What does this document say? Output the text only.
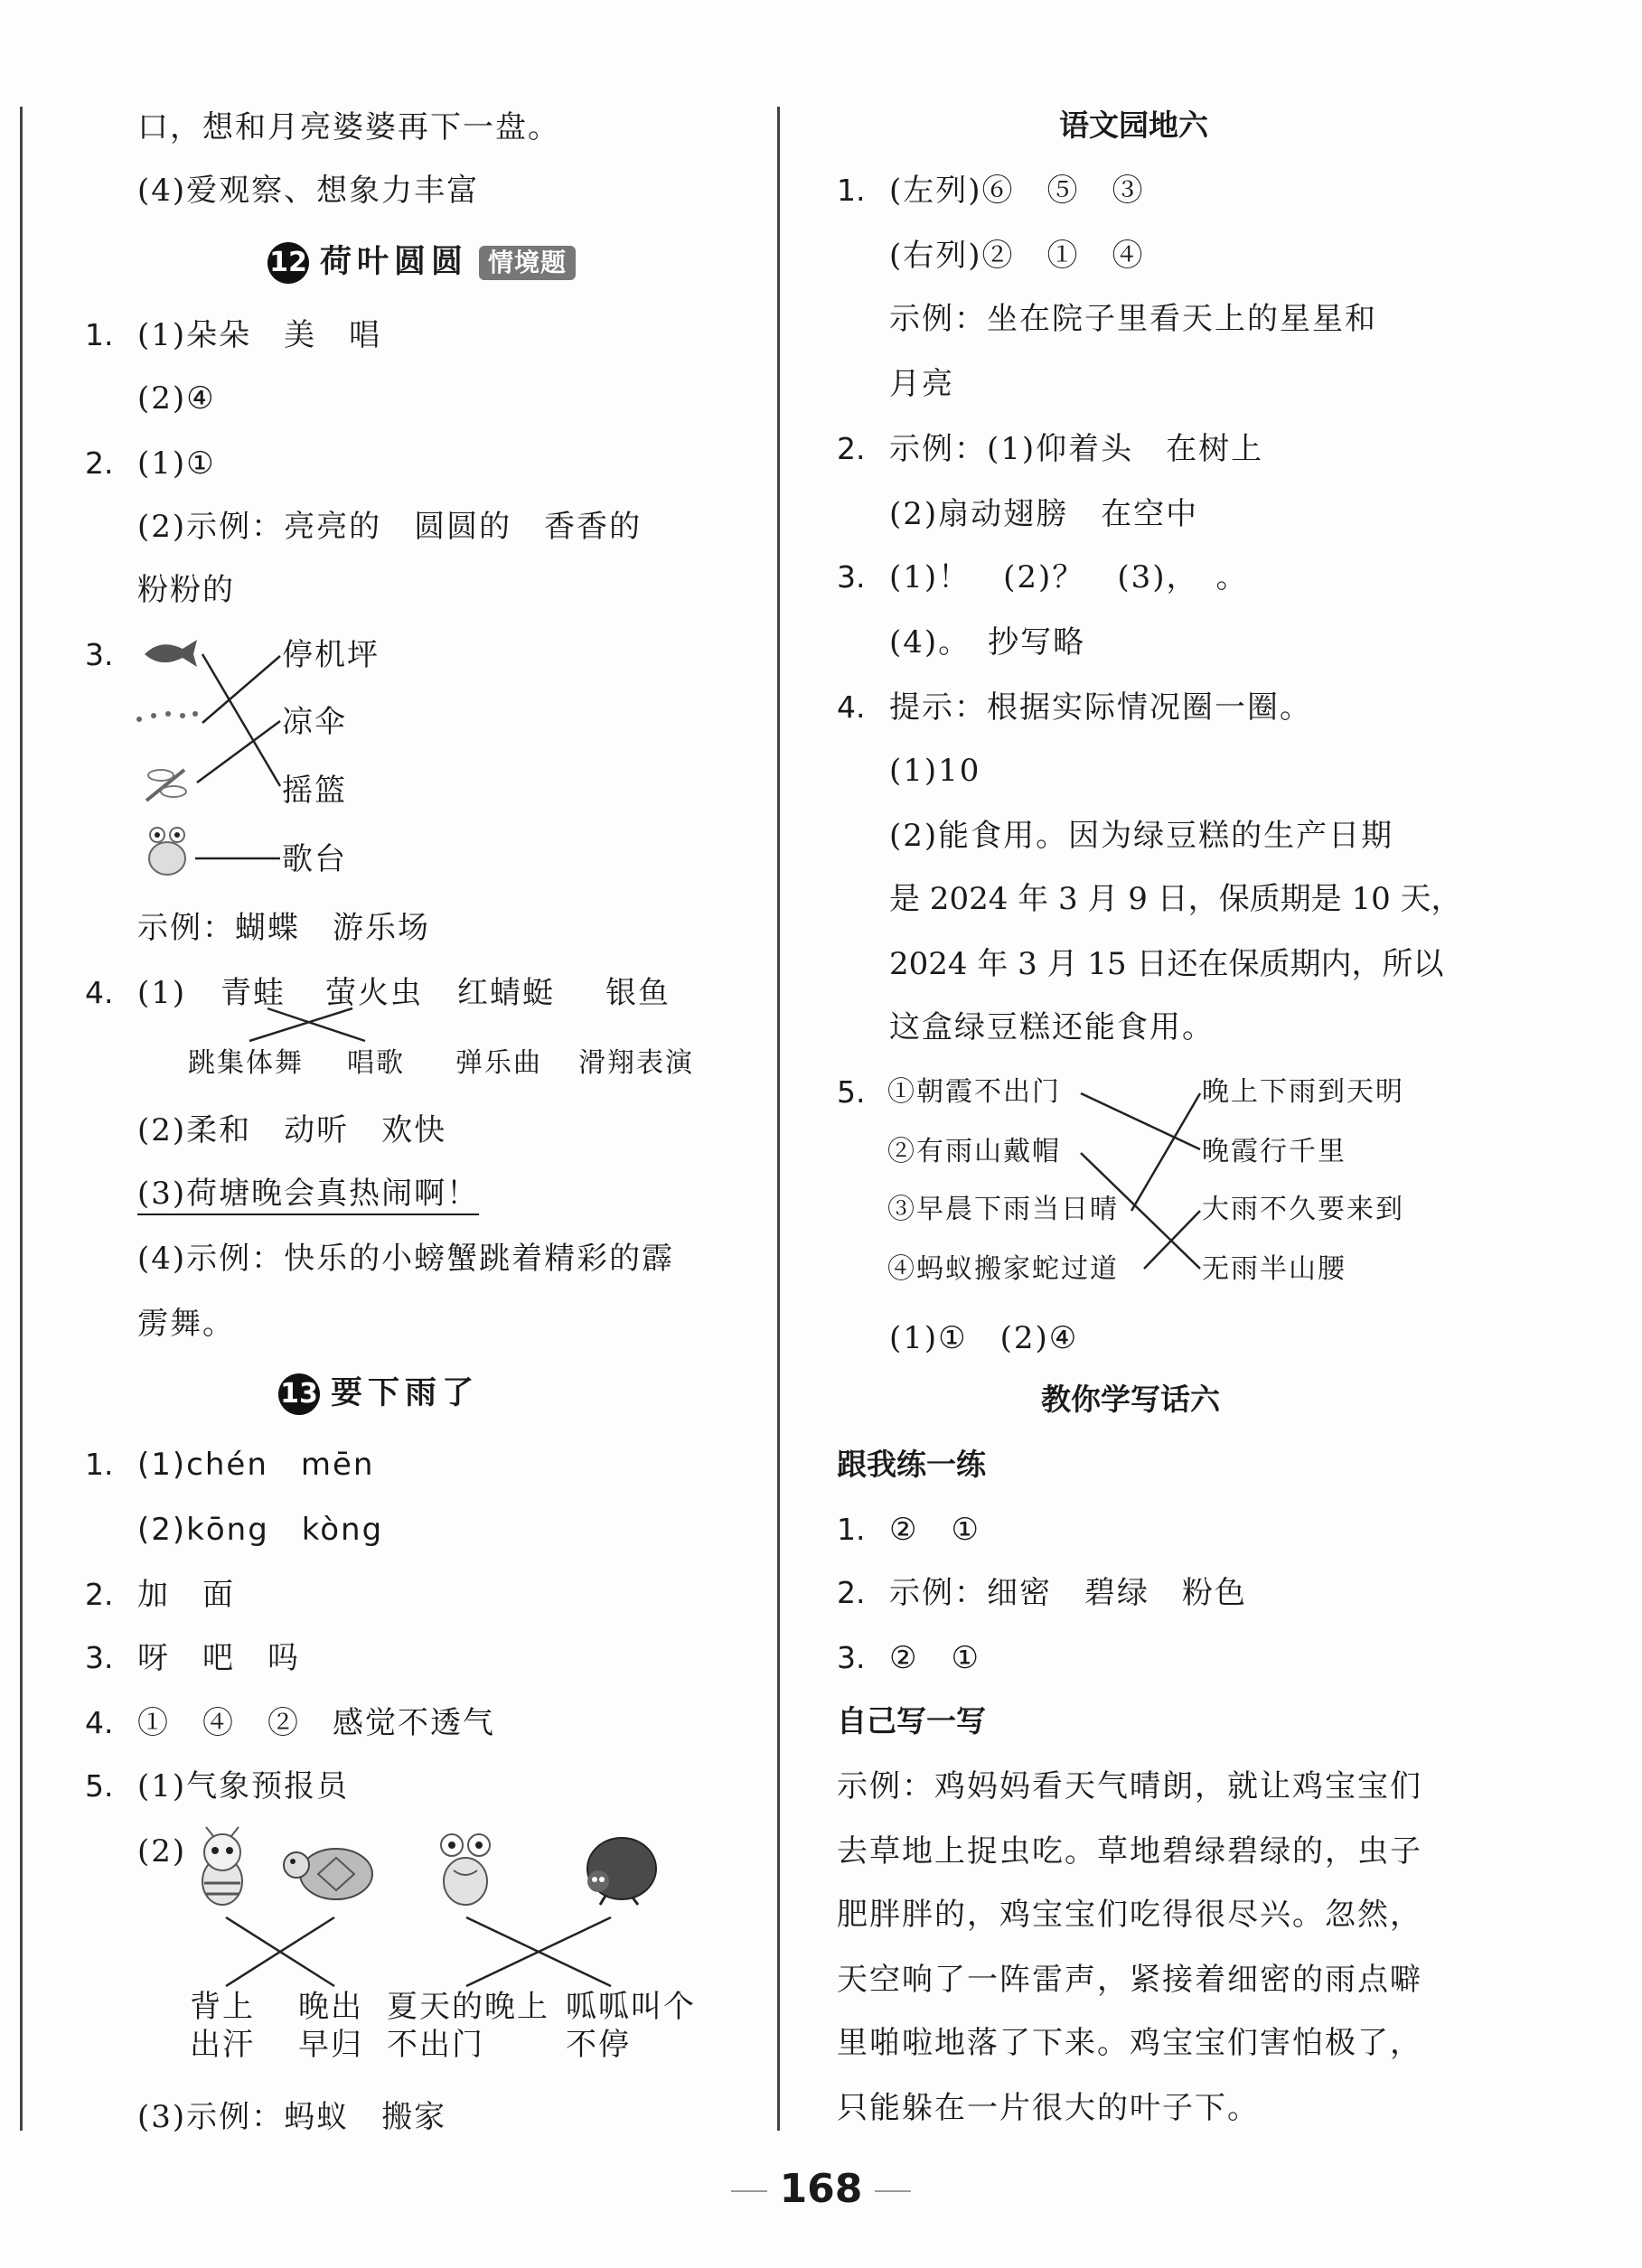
口，想和月亮婆婆再下一盘。
(4)爱观察、想象力丰富
12 荷叶圆圆 情境题
1. (1)朵朵　美　唱
(2)④
2. (1)①
(2)示例：亮亮的　圆圆的　香香的
粉粉的
3.	停机坪
凉伞
摇篮
歌台
示例：蝴蝶　游乐场
4. (1) 青蛙 萤火虫 红蜻蜓 银鱼
跳集体舞 唱歌 弹乐曲 滑翔表演
(2)柔和　动听　欢快
(3)荷塘晚会真热闹啊！
(4)示例：快乐的小螃蟹跳着精彩的霹
雳舞。
13 要下雨了
1. (1)chén　mēn
(2)kōng　kòng
2. 加　面
3. 呀　吧　吗
4. ①　④　②　感觉不透气
5. (1)气象预报员
(2)
背上
出汗
晚出
早归
夏天的晚上
不出门
呱呱叫个
不停
(3)示例：蚂蚁　搬家
语文园地六
1. (左列)⑥　⑤　③
(右列)②　①　④
示例：坐在院子里看天上的星星和
月亮
2. 示例：(1)仰着头　在树上
(2)扇动翅膀　在空中
3. (1)！　(2)？　(3)，　。
(4)。　抄写略
4. 提示：根据实际情况圈一圈。
(1)10
(2)能食用。因为绿豆糕的生产日期
是 2024 年 3 月 9 日，保质期是 10 天，
2024 年 3 月 15 日还在保质期内，所以
这盒绿豆糕还能食用。
5. ①朝霞不出门
②有雨山戴帽
③早晨下雨当日晴
④蚂蚁搬家蛇过道
晚上下雨到天明
晚霞行千里
大雨不久要来到
无雨半山腰
(1)①　(2)④
教你学写话六
跟我练一练
1. ②　①
2. 示例：细密　碧绿　粉色
3. ②　①
自己写一写
示例：鸡妈妈看天气晴朗，就让鸡宝宝们
去草地上捉虫吃。草地碧绿碧绿的，虫子
肥胖胖的，鸡宝宝们吃得很尽兴。忽然，
天空响了一阵雷声，紧接着细密的雨点噼
里啪啦地落了下来。鸡宝宝们害怕极了，
只能躲在一片很大的叶子下。
168
